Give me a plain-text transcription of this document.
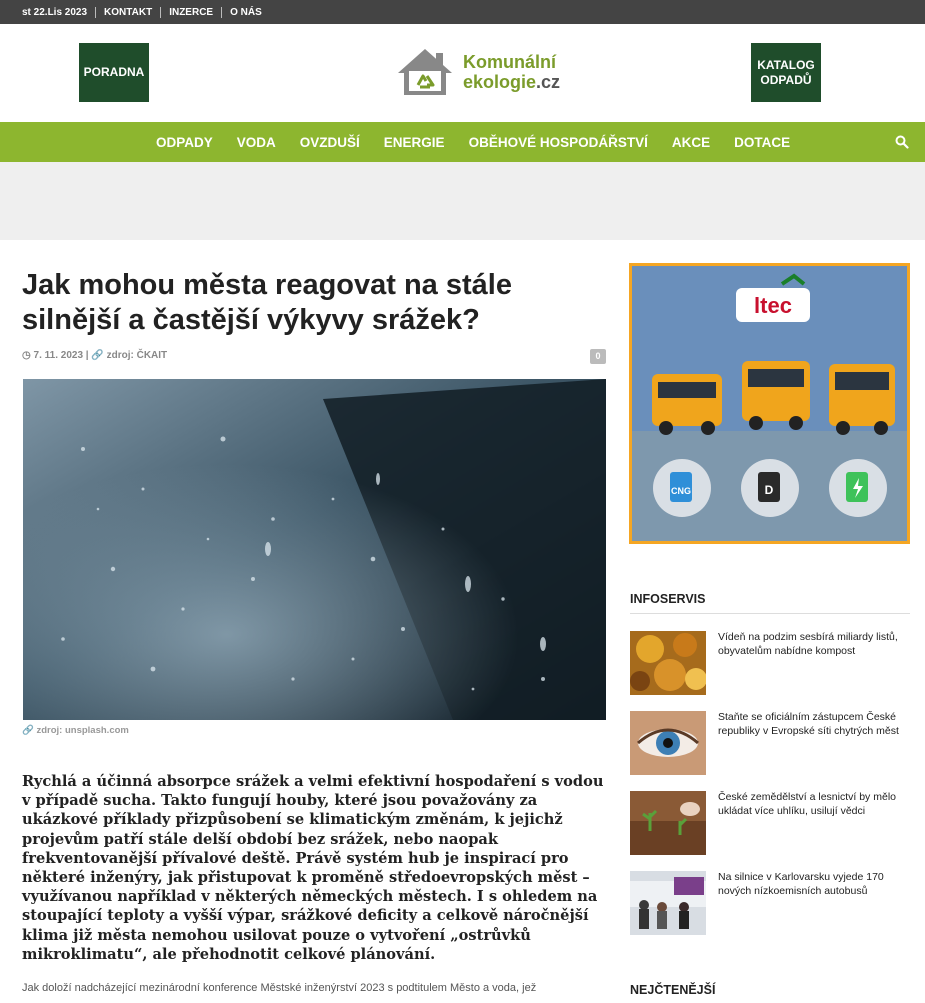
st 22.Lis 2023	KONTAKT	INZERCE	O NÁS
PORADNA	Komunální
ekologie.cz
KATALOG
ODPADŮ
ODPADY	VODA	OVZDUŠÍ	ENERGIE	OBĚHOVÉ HOSPODÁŘSTVÍ	AKCE	DOTACE
Jak mohou města reagovat na stále silnější a častější výkyvy srážek?
◷ 7. 11. 2023 | 🔗 zdroj: ČKAIT	0
🔗 zdroj: unsplash.com

Rychlá a účinná absorpce srážek a velmi efektivní hospodaření s vodou v případě sucha. Takto fungují houby, které jsou považovány za ukázkové příklady přizpůsobení se klimatickým změnám, k jejichž projevům patří stále delší období bez srážek, nebo naopak frekventovanější přívalové deště. Právě systém hub je inspirací pro některé inženýry, jak přistupovat k proměně středoevropských měst – využívanou například v některých německých městech. I s ohledem na stoupající teploty a vyšší výpar, srážkové deficity a celkově náročnější klima již města nemohou usilovat pouze o vytvoření „ostrůvků mikroklimatu“, ale přehodnotit celkové plánování.

Jak doloží nadcházející mezinárodní konference Městské inženýrství 2023 s podtitulem Město a voda, jež

ltec
CNG	D
INFOSERVIS
Vídeň na podzim sesbírá miliardy listů, obyvatelům nabídne kompost
Staňte se oficiálním zástupcem České republiky v Evropské síti chytrých měst
České zemědělství a lesnictví by mělo ukládat více uhlíku, usilují vědci
Na silnice v Karlovarsku vyjede 170 nových nízkoemisních autobusů
NEJČTENĚJŠÍ
